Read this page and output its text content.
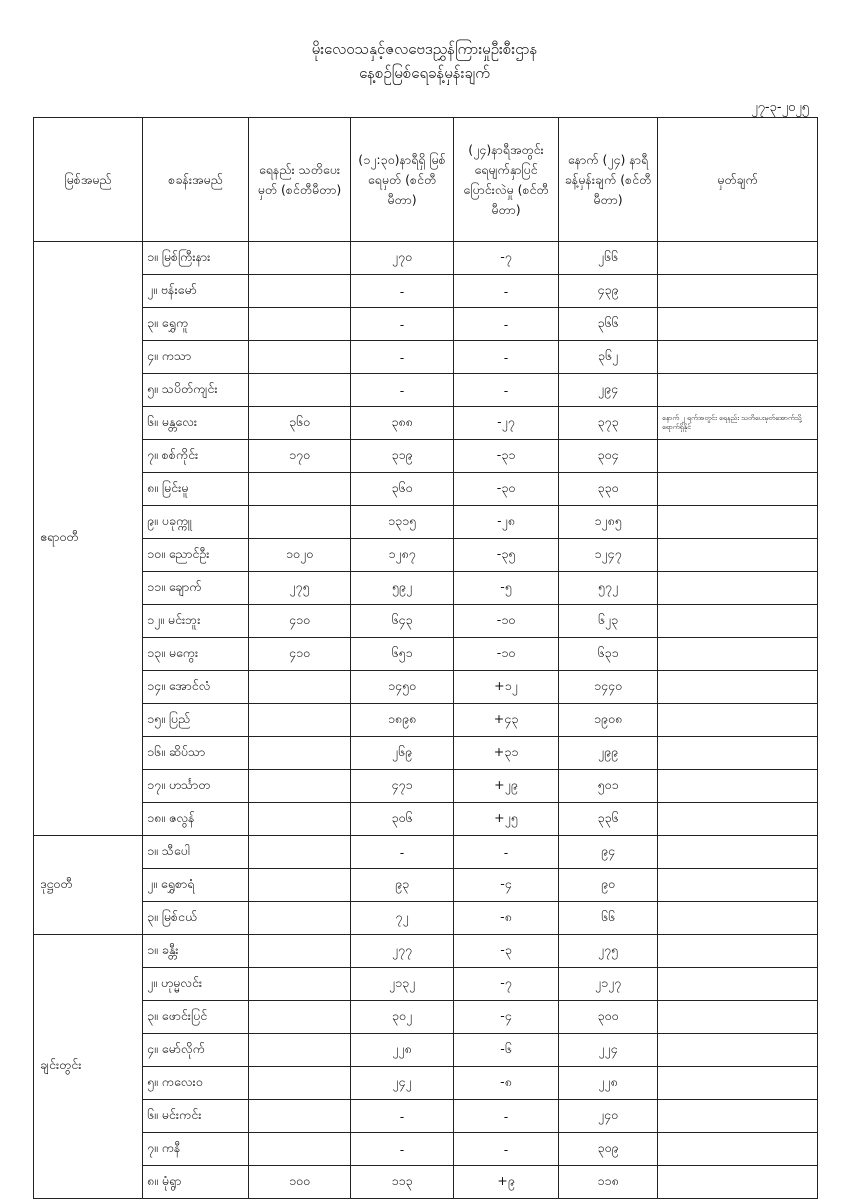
မိုးလေဝသနှင့်ဇလဗေဒညွှန်ကြားမှုဦးစီးဌာန
နေ့စဉ်မြစ်ရေခန့်မှန်းချက်
၂၇-၃-၂၀၂၅
မြစ်အမည်	စခန်းအမည်	ရေနည်း သတိပေးမှတ် (စင်တီမီတာ)	(၁၂:၃၀)နာရီရှိ မြစ်ရေမှတ် (စင်တီမီတာ)	(၂၄)နာရီအတွင်း ရေမျက်နှာပြင် ပြောင်းလဲမှု (စင်တီမီတာ)	နောက် (၂၄) နာရီ ခန့်မှန်းချက် (စင်တီမီတာ)	မှတ်ချက်
ဧရာဝတီ	၁။ မြစ်ကြီးနား		၂၇၀	-၇	၂၆၆	
	၂။ ဗန်းမော်		-	-	၄၃၉	
	၃။ ရွှေကူ		-	-	၃၆၆	
	၄။ ကသာ		-	-	၃၆၂	
	၅။ သပိတ်ကျင်း		-	-	၂၉၄	
	၆။ မန္တလေး	၃၆၀	၃၈၈	-၂၇	၃၇၃	နောက် ၂ ရက်အတွင်း ရေနည်း သတိပေးမှတ်အောက်သို့ ရောက်ရှိနိုင်
	၇။ စစ်ကိုင်း	၁၇၀	၃၁၉	-၃၁	၃၀၄	
	၈။ မြင်းမူ		၃၆၀	-၃၀	၃၃၀	
	၉။ ပခုက္ကူ		၁၃၁၅	-၂၈	၁၂၈၅	
	၁၀။ ညောင်ဦး	၁၀၂၀	၁၂၈၇	-၃၅	၁၂၄၇	
	၁၁။ ချောက်	၂၇၅	၅၉၂	-၅	၅၇၂	
	၁၂။ မင်းဘူး	၄၁၀	၆၄၃	-၁၀	၆၂၃	
	၁၃။ မကွေး	၄၁၀	၆၅၁	-၁၀	၆၃၁	
	၁၄။ အောင်လံ		၁၄၅၀	+၁၂	၁၄၄၀	
	၁၅။ ပြည်		၁၈၉၈	+၄၃	၁၉၀၈	
	၁၆။ ဆိပ်သာ		၂၆၉	+၃၁	၂၉၉	
	၁၇။ ဟင်္သာတ		၄၇၁	+၂၉	၅၀၁	
	၁၈။ ဇလွန်		၃၀၆	+၂၅	၃၃၆	
ဒုဋ္ဌဝတီ	၁။ သီပေါ		-	-	၉၄	
	၂။ ရွှေစာရံ		၉၃	-၄	၉၀	
	၃။ မြစ်ငယ်		၇၂	-၈	၆၆	
ချင်းတွင်း	၁။ ခန္တီး		၂၇၇	-၃	၂၇၅	
	၂။ ဟုမ္မလင်း		၂၁၃၂	-၇	၂၁၂၇	
	၃။ ဖောင်းပြင်		၃၀၂	-၄	၃၀၀	
	၄။ မော်လိုက်		၂၂၈	-၆	၂၂၄	
	၅။ ကလေးဝ		၂၄၂	-၈	၂၂၈	
	၆။ မင်းကင်း		-	-	၂၄၀	
	၇။ ကနီ		-	-	၃၀၉	
	၈။ မုံရွာ	၁၀၀	၁၁၃	+၉	၁၁၈	
